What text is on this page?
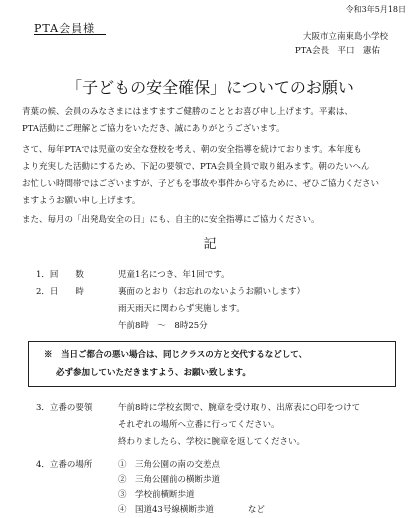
令和3年5月18日
PTA会員様
大阪市立南東島小学校
PTA会長　平口　憲佑
「子どもの安全確保」についてのお願い
青葉の候、会員のみなさまにはますますご健勝のこととお喜び申し上げます。平素は、
PTA活動にご理解とご協力をいただき、誠にありがとうございます。
さて、毎年PTAでは児童の安全な登校を考え、朝の安全指導を続けております。本年度も
より充実した活動にするため、下記の要領で、PTA会員全員で取り組みます。朝のたいへん
お忙しい時間帯ではございますが、子どもを事故や事件から守るために、ぜひご協力ください
ますようお願い申し上げます。
また、毎月の「出発島安全の日」にも、自主的に安全指導にご協力ください。
記
1．回　　数	児童1名につき、年1回です。
2．日　　時	裏面のとおり（お忘れのないようお願いします）
雨天雨天に関わらず実施します。
午前8時　～　8時25分
※　当日ご都合の悪い場合は、同じクラスの方と交代するなどして、
必ず参加していただきますよう、お願い致します。
3．立番の要領	午前8時に学校玄関で、腕章を受け取り、出席表に○印をつけて
それぞれの場所へ立番に行ってください。
終わりましたら、学校に腕章を返してください。
4．立番の場所	①　三角公園の南の交差点
②　三角公園前の横断歩道
③　学校前横断歩道
④　国道43号線横断歩道　　　　など
